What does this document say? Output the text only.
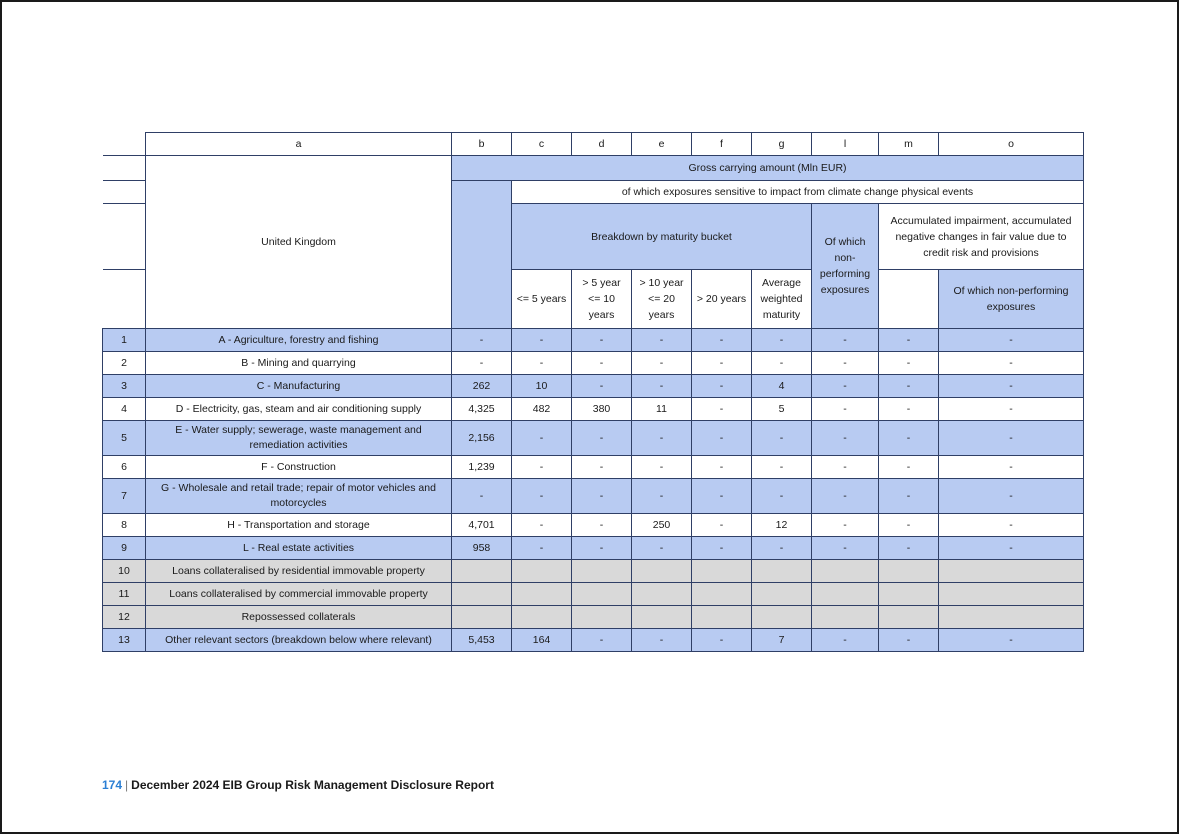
	a	b	c	d	e	f	g	l	m	o
	United Kingdom	Gross carrying amount (Mln EUR)								
			of which exposures sensitive to impact from climate change physical events							
			Breakdown by maturity bucket					Of which non-performing exposures	Accumulated impairment, accumulated negative changes in fair value due to credit risk and provisions	
			<= 5 years	> 5 year <= 10 years	> 10 year <= 20 years	> 20 years	Average weighted maturity			Of which non-performing exposures
1	A - Agriculture, forestry and fishing	-	-	-	-	-	-	-	-	-
2	B - Mining and quarrying	-	-	-	-	-	-	-	-	-
3	C - Manufacturing	262	10	-	-	-	4	-	-	-
4	D - Electricity, gas, steam and air conditioning supply	4,325	482	380	11	-	5	-	-	-
5	E - Water supply; sewerage, waste management and remediation activities	2,156	-	-	-	-	-	-	-	-
6	F - Construction	1,239	-	-	-	-	-	-	-	-
7	G - Wholesale and retail trade; repair of motor vehicles and motorcycles	-	-	-	-	-	-	-	-	-
8	H - Transportation and storage	4,701	-	-	250	-	12	-	-	-
9	L - Real estate activities	958	-	-	-	-	-	-	-	-
10	Loans collateralised by residential immovable property									
11	Loans collateralised by commercial immovable property									
12	Repossessed collaterals									
13	Other relevant sectors (breakdown below where relevant)	5,453	164	-	-	-	7	-	-	-
174 | December 2024 EIB Group Risk Management Disclosure Report
